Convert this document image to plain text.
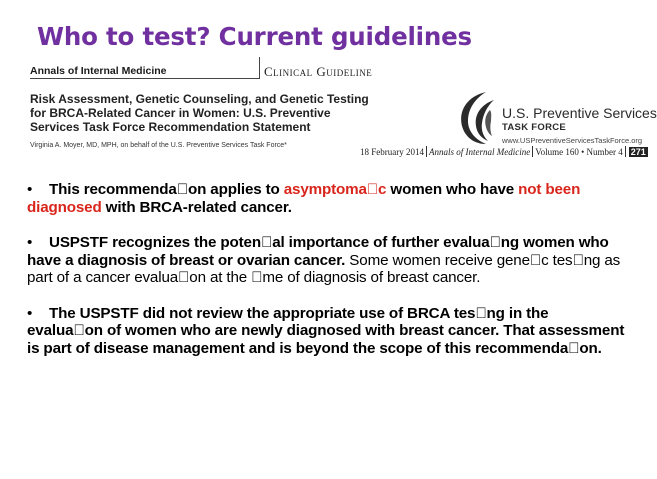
Who to test? Current guidelines
Annals of Internal Medicine	Clinical Guideline

Risk Assessment, Genetic Counseling, and Genetic Testing for BRCA-Related Cancer in Women: U.S. Preventive Services Task Force Recommendation Statement

Virginia A. Moyer, MD, MPH, on behalf of the U.S. Preventive Services Task Force*
U.S. Preventive Services
TASK FORCE
www.USPreventiveServicesTaskForce.org
18 February 2014 Annals of Internal Medicine Volume 160 • Number 4 271

• This recommenda on applies to asymptoma c women who have not been diagnosed with BRCA-related cancer.

• USPSTF recognizes the poten al importance of further evalua ng women who have a diagnosis of breast or ovarian cancer. Some women receive gene c tes ng as part of a cancer evalua on at the  me of diagnosis of breast cancer.

• The USPSTF did not review the appropriate use of BRCA tes ng in the evalua on of women who are newly diagnosed with breast cancer. That assessment is part of disease management and is beyond the scope of this recommenda on.
